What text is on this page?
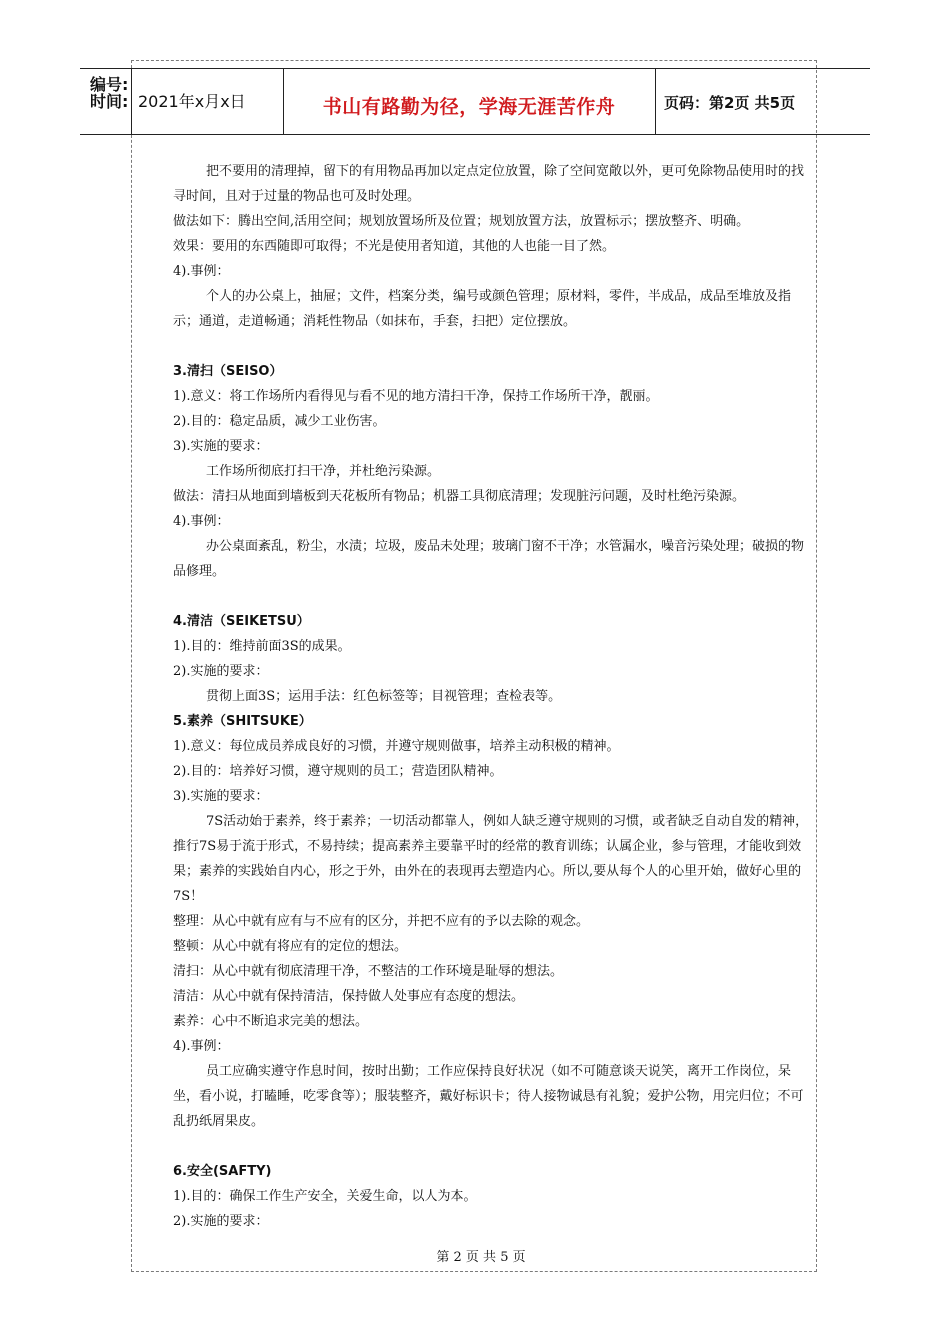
编号:
时间: 2021年x月x日	书山有路勤为径，学海无涯苦作舟	页码：第2页 共5页

把不要用的清理掉，留下的有用物品再加以定点定位放置，除了空间宽敞以外，更可免除物品使用时的找寻时间，且对于过量的物品也可及时处理。

做法如下：腾出空间,活用空间；规划放置场所及位置；规划放置方法，放置标示；摆放整齐、明确。

效果：要用的东西随即可取得；不光是使用者知道，其他的人也能一目了然。

4).事例：

个人的办公桌上，抽屉；文件，档案分类，编号或颜色管理；原材料，零件，半成品，成品至堆放及指示；通道，走道畅通；消耗性物品（如抹布，手套，扫把）定位摆放。

3.清扫（SEISO）

1).意义：将工作场所内看得见与看不见的地方清扫干净，保持工作场所干净，靓丽。

2).目的：稳定品质，减少工业伤害。

3).实施的要求：

工作场所彻底打扫干净，并杜绝污染源。

做法：清扫从地面到墙板到天花板所有物品；机器工具彻底清理；发现脏污问题，及时杜绝污染源。

4).事例：

办公桌面紊乱，粉尘，水渍；垃圾，废品未处理；玻璃门窗不干净；水管漏水，噪音污染处理；破损的物品修理。

4.清洁（SEIKETSU）

1).目的：维持前面3S的成果。

2).实施的要求：

贯彻上面3S；运用手法：红色标签等；目视管理；查检表等。

5.素养（SHITSUKE）

1).意义：每位成员养成良好的习惯，并遵守规则做事，培养主动积极的精神。

2).目的：培养好习惯，遵守规则的员工；营造团队精神。

3).实施的要求：

7S活动始于素养，终于素养；一切活动都靠人，例如人缺乏遵守规则的习惯，或者缺乏自动自发的精神，推行7S易于流于形式，不易持续；提高素养主要靠平时的经常的教育训练；认属企业，参与管理，才能收到效果；素养的实践始自内心，形之于外，由外在的表现再去塑造内心。所以,要从每个人的心里开始，做好心里的7S！

整理：从心中就有应有与不应有的区分，并把不应有的予以去除的观念。

整顿：从心中就有将应有的定位的想法。

清扫：从心中就有彻底清理干净，不整洁的工作环境是耻辱的想法。

清洁：从心中就有保持清洁，保持做人处事应有态度的想法。

素养：心中不断追求完美的想法。

4).事例：

员工应确实遵守作息时间，按时出勤；工作应保持良好状况（如不可随意谈天说笑，离开工作岗位，呆坐，看小说，打瞌睡，吃零食等）；服装整齐，戴好标识卡；待人接物诚恳有礼貌；爱护公物，用完归位；不可乱扔纸屑果皮。

6.安全(SAFTY)

1).目的：确保工作生产安全，关爱生命，以人为本。

2).实施的要求：

第 2 页 共 5 页
